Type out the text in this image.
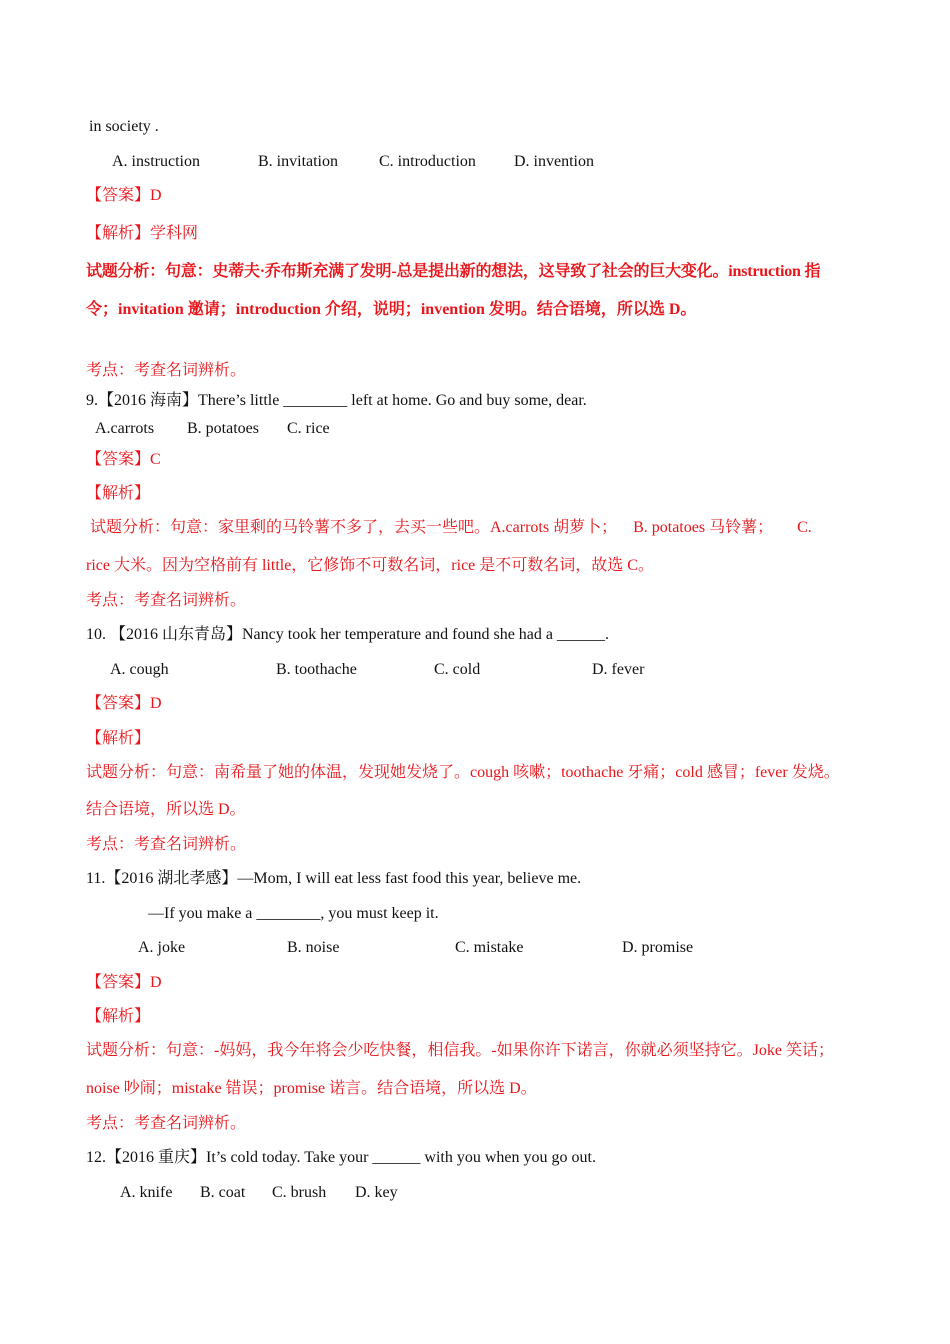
in society .
A. instruction	B. invitation	C. introduction D. invention
【答案】D
【解析】学科网
试题分析：句意：史蒂夫·乔布斯充满了发明-总是提出新的想法，这导致了社会的巨大变化。instruction 指
令；invitation 邀请；introduction 介绍，说明；invention 发明。结合语境，所以选 D。
考点：考查名词辨析。
9.【2016 海南】There’s little ________ left at home. Go and buy some, dear.
A.carrots B. potatoes C. rice
【答案】C
【解析】
试题分析：句意：家里剩的马铃薯不多了，去买一些吧。A.carrots 胡萝卜；    B. potatoes 马铃薯；      C.
rice 大米。因为空格前有 little，它修饰不可数名词，rice 是不可数名词，故选 C。
考点：考查名词辨析。
10. 【2016 山东青岛】Nancy took her temperature and found she had a ______.
A. cough	B. toothache	C. cold	D. fever
【答案】D
【解析】
试题分析：句意：南希量了她的体温，发现她发烧了。cough 咳嗽；toothache 牙痛；cold 感冒；fever 发烧。
结合语境，所以选 D。
考点：考查名词辨析。
11.【2016 湖北孝感】—Mom, I will eat less fast food this year, believe me.
—If you make a ________, you must keep it.
A. joke	B. noise	C. mistake	D. promise
【答案】D
【解析】
试题分析：句意：-妈妈，我今年将会少吃快餐，相信我。-如果你许下诺言，你就必须坚持它。Joke 笑话；
noise 吵闹；mistake 错误；promise 诺言。结合语境，所以选 D。
考点：考查名词辨析。
12.【2016 重庆】It’s cold today. Take your ______ with you when you go out.
A. knife B. coat C. brush D. key
